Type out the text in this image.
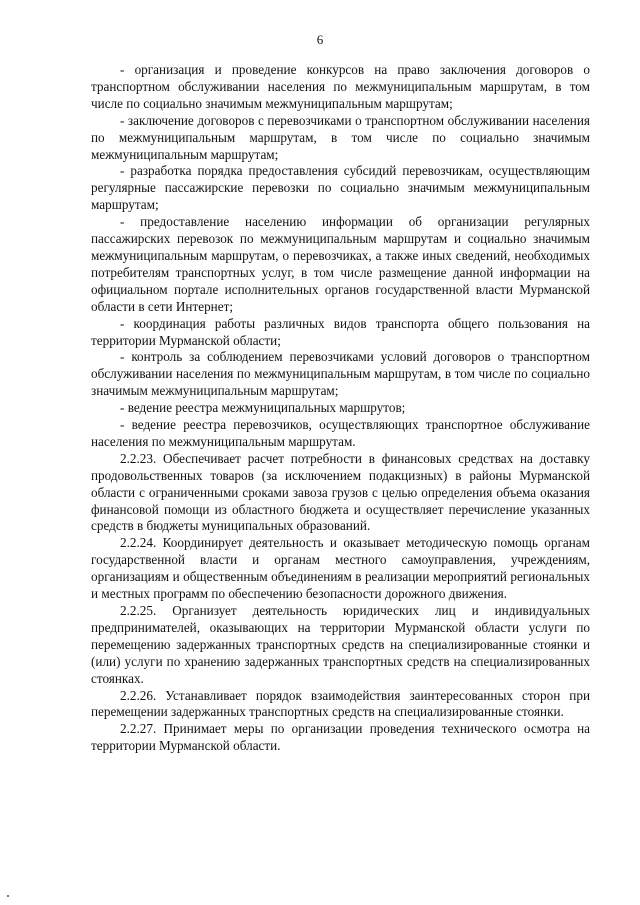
6

- организация и проведение конкурсов на право заключения договоров о транспортном обслуживании населения по межмуниципальным маршрутам, в том числе по социально значимым межмуниципальным маршрутам;

- заключение договоров с перевозчиками о транспортном обслуживании населения по межмуниципальным маршрутам, в том числе по социально значимым межмуниципальным маршрутам;

- разработка порядка предоставления субсидий перевозчикам, осуществляющим регулярные пассажирские перевозки по социально значимым межмуниципальным маршрутам;

- предоставление населению информации об организации регулярных пассажирских перевозок по межмуниципальным маршрутам и социально значимым межмуниципальным маршрутам, о перевозчиках, а также иных сведений, необходимых потребителям транспортных услуг, в том числе размещение данной информации на официальном портале исполнительных органов государственной власти Мурманской области в сети Интернет;

- координация работы различных видов транспорта общего пользования на территории Мурманской области;

- контроль за соблюдением перевозчиками условий договоров о транспортном обслуживании населения по межмуниципальным маршрутам, в том числе по социально значимым межмуниципальным маршрутам;

- ведение реестра межмуниципальных маршрутов;

- ведение реестра перевозчиков, осуществляющих транспортное обслуживание населения по межмуниципальным маршрутам.

2.2.23. Обеспечивает расчет потребности в финансовых средствах на доставку продовольственных товаров (за исключением подакцизных) в районы Мурманской области с ограниченными сроками завоза грузов с целью определения объема оказания финансовой помощи из областного бюджета и осуществляет перечисление указанных средств в бюджеты муниципальных образований.

2.2.24. Координирует деятельность и оказывает методическую помощь органам государственной власти и органам местного самоуправления, учреждениям, организациям и общественным объединениям в реализации мероприятий региональных и местных программ по обеспечению безопасности дорожного движения.

2.2.25. Организует деятельность юридических лиц и индивидуальных предпринимателей, оказывающих на территории Мурманской области услуги по перемещению задержанных транспортных средств на специализированные стоянки и (или) услуги по хранению задержанных транспортных средств на специализированных стоянках.

2.2.26. Устанавливает порядок взаимодействия заинтересованных сторон при перемещении задержанных транспортных средств на специализированные стоянки.

2.2.27. Принимает меры по организации проведения технического осмотра на территории Мурманской области.
